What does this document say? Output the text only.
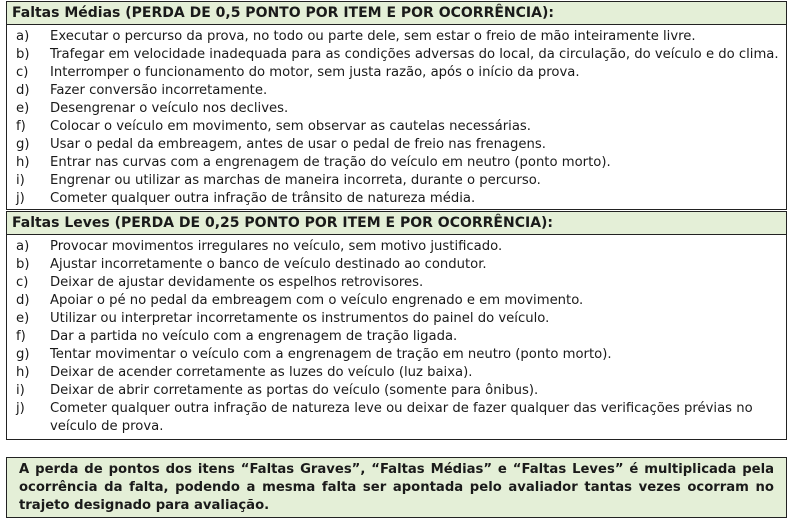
Faltas Médias (PERDA DE 0,5 PONTO POR ITEM E POR OCORRÊNCIA):
a)	Executar o percurso da prova, no todo ou parte dele, sem estar o freio de mão inteiramente livre.
b)	Trafegar em velocidade inadequada para as condições adversas do local, da circulação, do veículo e do clima.
c)	Interromper o funcionamento do motor, sem justa razão, após o início da prova.
d)	Fazer conversão incorretamente.
e)	Desengrenar o veículo nos declives.
f)	Colocar o veículo em movimento, sem observar as cautelas necessárias.
g)	Usar o pedal da embreagem, antes de usar o pedal de freio nas frenagens.
h)	Entrar nas curvas com a engrenagem de tração do veículo em neutro (ponto morto).
i)	Engrenar ou utilizar as marchas de maneira incorreta, durante o percurso.
j)	Cometer qualquer outra infração de trânsito de natureza média.
Faltas Leves (PERDA DE 0,25 PONTO POR ITEM E POR OCORRÊNCIA):
a)	Provocar movimentos irregulares no veículo, sem motivo justificado.
b)	Ajustar incorretamente o banco de veículo destinado ao condutor.
c)	Deixar de ajustar devidamente os espelhos retrovisores.
d)	Apoiar o pé no pedal da embreagem com o veículo engrenado e em movimento.
e)	Utilizar ou interpretar incorretamente os instrumentos do painel do veículo.
f)	Dar a partida no veículo com a engrenagem de tração ligada.
g)	Tentar movimentar o veículo com a engrenagem de tração em neutro (ponto morto).
h)	Deixar de acender corretamente as luzes do veículo (luz baixa).
i)	Deixar de abrir corretamente as portas do veículo (somente para ônibus).
j)	Cometer qualquer outra infração de natureza leve ou deixar de fazer qualquer das verificações prévias no veículo de prova.
A perda de pontos dos itens “Faltas Graves”, “Faltas Médias” e “Faltas Leves” é multiplicada pela ocorrência da falta, podendo a mesma falta ser apontada pelo avaliador tantas vezes ocorram no trajeto designado para avaliação.
